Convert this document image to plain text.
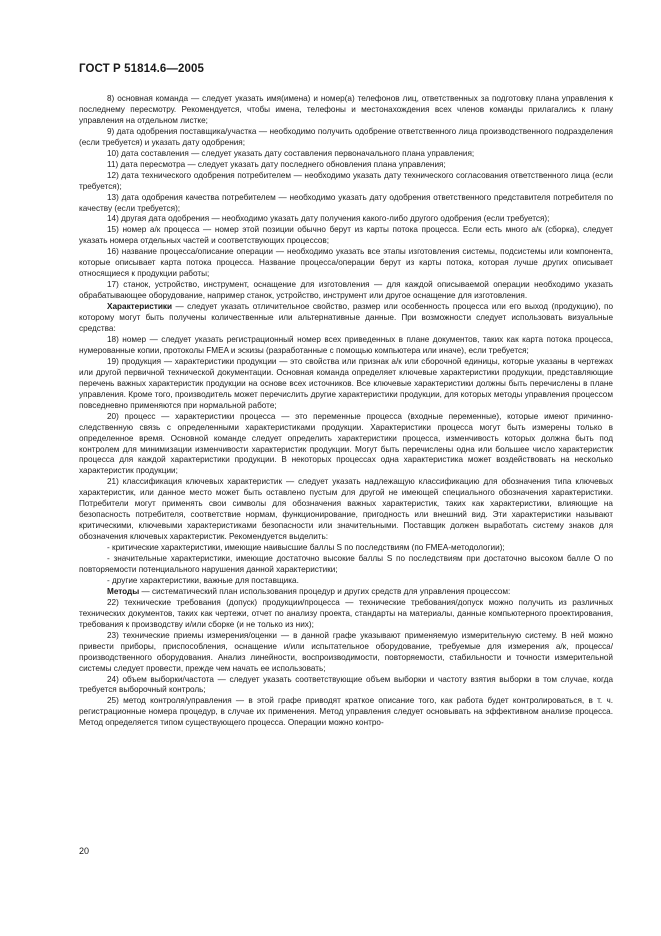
ГОСТ Р 51814.6—2005

8) основная команда — следует указать имя(имена) и номер(а) телефонов лиц, ответственных за подготовку плана управления к последнему пересмотру. Рекомендуется, чтобы имена, телефоны и местонахождения всех членов команды прилагались к плану управления на отдельном листке;

9) дата одобрения поставщика/участка — необходимо получить одобрение ответственного лица производственного подразделения (если требуется) и указать дату одобрения;

10) дата составления — следует указать дату составления первоначального плана управления;

11) дата пересмотра — следует указать дату последнего обновления плана управления;

12) дата технического одобрения потребителем — необходимо указать дату технического согласования ответственного лица (если требуется);

13) дата одобрения качества потребителем — необходимо указать дату одобрения ответственного представителя потребителя по качеству (если требуется);

14) другая дата одобрения — необходимо указать дату получения какого-либо другого одобрения (если требуется);

15) номер а/к процесса — номер этой позиции обычно берут из карты потока процесса. Если есть много а/к (сборка), следует указать номера отдельных частей и соответствующих процессов;

16) название процесса/описание операции — необходимо указать все этапы изготовления системы, подсистемы или компонента, которые описывает карта потока процесса. Название процесса/операции берут из карты потока, которая лучше других описывает относящиеся к продукции работы;

17) станок, устройство, инструмент, оснащение для изготовления — для каждой описываемой операции необходимо указать обрабатывающее оборудование, например станок, устройство, инструмент или другое оснащение для изготовления.

Характеристики — следует указать отличительное свойство, размер или особенность процесса или его выход (продукцию), по которому могут быть получены количественные или альтернативные данные. При возможности следует использовать визуальные средства:

18) номер — следует указать регистрационный номер всех приведенных в плане документов, таких как карта потока процесса, нумерованные копии, протоколы FMEA и эскизы (разработанные с помощью компьютера или иначе), если требуется;

19) продукция — характеристики продукции — это свойства или признак а/к или сборочной единицы, которые указаны в чертежах или другой первичной технической документации. Основная команда определяет ключевые характеристики продукции, представляющие перечень важных характеристик продукции на основе всех источников. Все ключевые характеристики должны быть перечислены в плане управления. Кроме того, производитель может перечислить другие характеристики продукции, для которых методы управления процессом повседневно применяются при нормальной работе;

20) процесс — характеристики процесса — это переменные процесса (входные переменные), которые имеют причинно-следственную связь с определенными характеристиками продукции. Характеристики процесса могут быть измерены только в определенное время. Основной команде следует определить характеристики процесса, изменчивость которых должна быть под контролем для минимизации изменчивости характеристик продукции. Могут быть перечислены одна или большее число характеристик процесса для каждой характеристики продукции. В некоторых процессах одна характеристика может воздействовать на несколько характеристик продукции;

21) классификация ключевых характеристик — следует указать надлежащую классификацию для обозначения типа ключевых характеристик, или данное место может быть оставлено пустым для другой не имеющей специального обозначения характеристики. Потребители могут применять свои символы для обозначения важных характеристик, таких как характеристики, влияющие на безопасность потребителя, соответствие нормам, функционирование, пригодность или внешний вид. Эти характеристики называют критическими, ключевыми характеристиками безопасности или значительными. Поставщик должен выработать систему знаков для обозначения ключевых характеристик. Рекомендуется выделить:

- критические характеристики, имеющие наивысшие баллы S по последствиям (по FMEA-методологии);

- значительные характеристики, имеющие достаточно высокие баллы S по последствиям при достаточно высоком балле О по повторяемости потенциального нарушения данной характеристики;

- другие характеристики, важные для поставщика.

Методы — систематический план использования процедур и других средств для управления процессом:

22) технические требования (допуск) продукции/процесса — технические требования/допуск можно получить из различных технических документов, таких как чертежи, отчет по анализу проекта, стандарты на материалы, данные компьютерного проектирования, требования к производству и/или сборке (и не только из них);

23) технические приемы измерения/оценки — в данной графе указывают применяемую измерительную систему. В ней можно привести приборы, приспособления, оснащение и/или испытательное оборудование, требуемые для измерения а/к, процесса/производственного оборудования. Анализ линейности, воспроизводимости, повторяемости, стабильности и точности измерительной системы следует провести, прежде чем начать ее использовать;

24) объем выборки/частота — следует указать соответствующие объем выборки и частоту взятия выборки в том случае, когда требуется выборочный контроль;

25) метод контроля/управления — в этой графе приводят краткое описание того, как работа будет контролироваться, в т. ч. регистрационные номера процедур, в случае их применения. Метод управления следует основывать на эффективном анализе процесса. Метод определяется типом существующего процесса. Операции можно контро-

20
